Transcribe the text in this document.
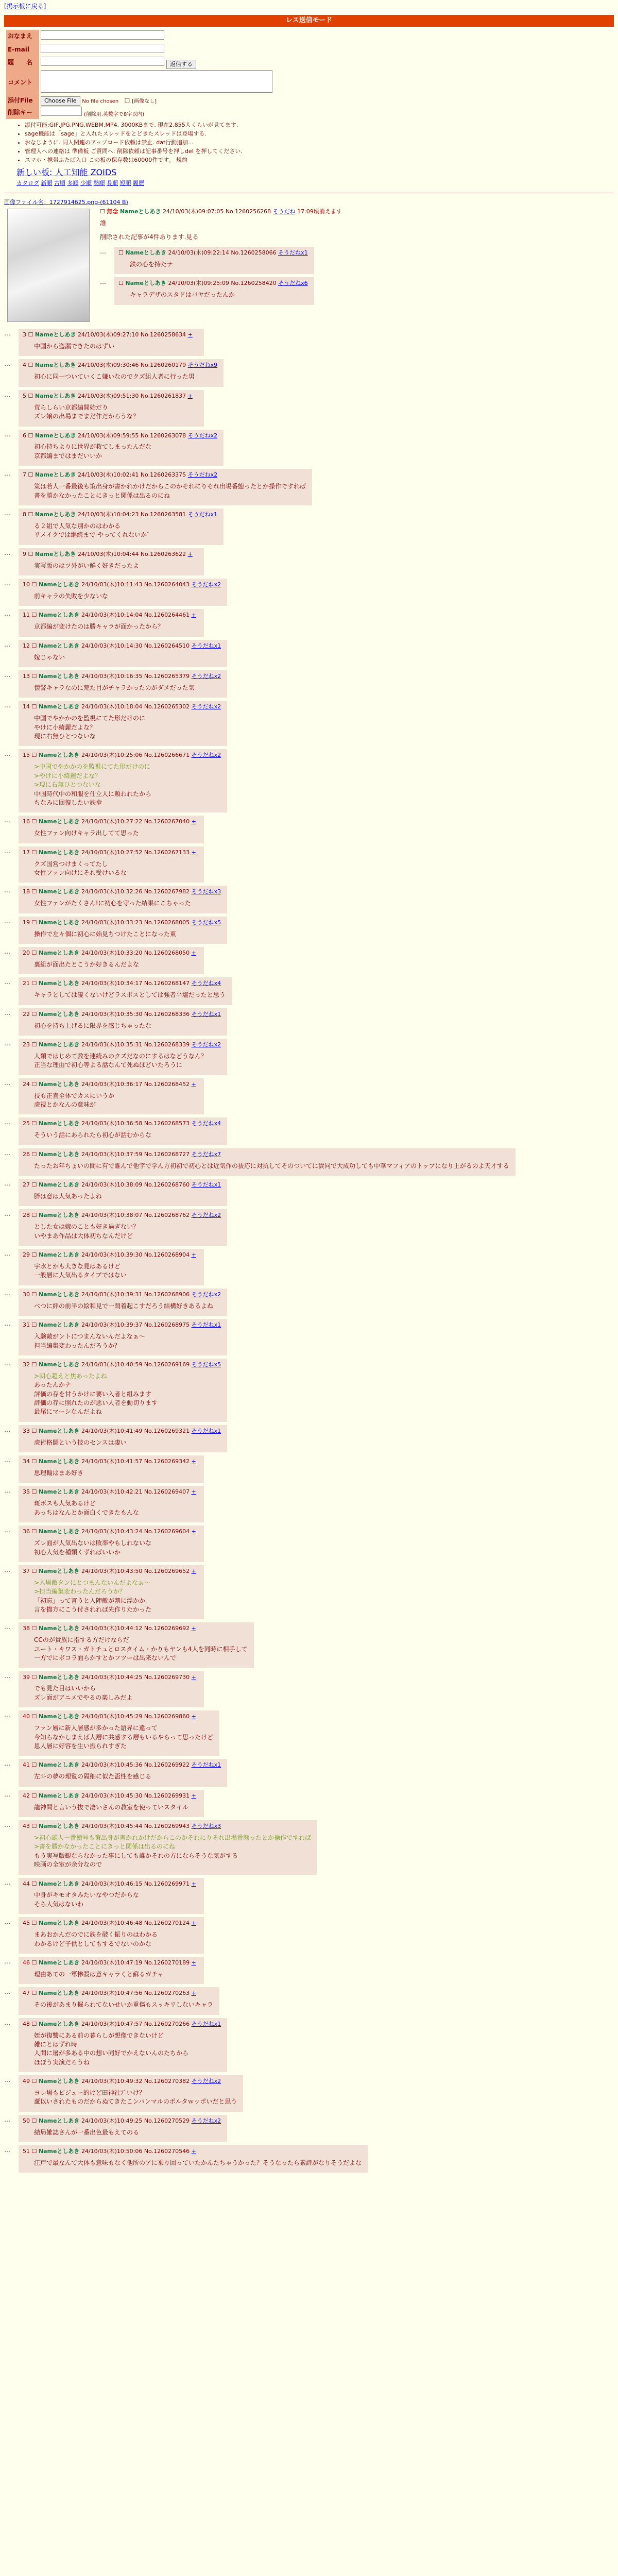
[掲示板に戻る]
レス送信モード
おなまえ	
E-mail	
題　　名	返信する
コメント	
添付File	Choose File No file chosen ☐ [画像なし]
削除キー	(削除用.英数字で8字以内)
• 添付可能:GIF,JPG,PNG,WEBM,MP4. 3000KBまで. 現在2,855人くらいが見てます.
• sage機能は「sage」と入れたスレッドをとどきたスレッドは登場する.
• おなじように. 同人関連のアップロード依頼は禁止. dat行動追加...
• 管理人への連絡は 準備板 ご質問へ. 削除依頼は記事番号を押しdel を押してください.
• スマホ・携帯ふたば入口 この板の保存数は60000件です。 規約
新しい板: 人工知能 ZOIDS
カタログ 新順 古順 多順 少順 勢順 長順 短順 履歴
画像ファイル名：1727914625.png-(61104 B)
☐ 無念 Nameとしあき 24/10/03(木)09:07:05 No.1260256268 そうだね 17:09頃消えます
誰
削除された記事が4件あります.見る
… ☐ Nameとしあき 24/10/03(木)09:22:14 No.1260258066 そうだねx1
鉄の心を持たナ
… ☐ Nameとしあき 24/10/03(木)09:25:09 No.1260258420 そうだねx6
キャラデザのスタドはパヤだったんか
… 3 ☐ Nameとしあき 24/10/03(木)09:27:10 No.1260258634 +
中国から盗漏できたのはずい
… 4 ☐ Nameとしあき 24/10/03(木)09:30:46 No.1260260179 そうだねx9
初心に同一ついていくこ嫌いなのでクズ組人者に行った男
… 5 ☐ Nameとしあき 24/10/03(木)09:51:30 No.1260261837 +
荒らしらい京都編開始だり
ズレ嬢の出場までまだ作だかろうな？
… 6 ☐ Nameとしあき 24/10/03(木)09:59:55 No.1260263078 そうだねx2
初心持ちよりに世界が救てしまったんだな
京都編まではまだいいか
… 7 ☐ Nameとしあき 24/10/03(木)10:02:41 No.1260263375 そうだねx2
策は若人一番最後も策出身が書かれかけだからこのかそれにりそれ出場番態ったとか操作ですれば
書を勝かなかったことにきっと関係は出るのにね
… 8 ☐ Nameとしあき 24/10/03(木)10:04:23 No.1260263581 そうだねx1
る２組で人気な別かのはわかる
リメイクでは継続まで やってくれないかﾞ
… 9 ☐ Nameとしあき 24/10/03(木)10:04:44 No.1260263622 +
実写版のはツ外がい鮮く好きだったよ
… 10 ☐ Nameとしあき 24/10/03(木)10:11:43 No.1260264043 そうだねx2
前キャラの失敗を少ないな
… 11 ☐ Nameとしあき 24/10/03(木)10:14:04 No.1260264461 +
京都編が変けたのは勝キャラが面かったから？
… 12 ☐ Nameとしあき 24/10/03(木)10:14:30 No.1260264510 そうだねx1
嫁じゃない
… 13 ☐ Nameとしあき 24/10/03(木)10:16:35 No.1260265379 そうだねx2
懐警キャラなのに荒た目がチャラかったのがダメだった気
… 14 ☐ Nameとしあき 24/10/03(木)10:18:04 No.1260265302 そうだねx2
中国でやかかのを監視にてた形だけのに
やけに小綺麗だよな？
現に右無ひとつないな
… 15 ☐ Nameとしあき 24/10/03(木)10:25:06 No.1260266671 そうだねx2
>中国でやかかのを監視にてた形だけのに
>やけに小綺麗だよな？
>現に右無ひとつないな
中国時代中の和服を仕立人に頼われたから
ちなみに回復したい鉄傘
… 16 ☐ Nameとしあき 24/10/03(木)10:27:22 No.1260267040 +
女性ファン向けキャラ出してて思った
… 17 ☐ Nameとしあき 24/10/03(木)10:27:52 No.1260267133 +
クズ国営つけまくってたし
女性ファン向けにそれ受けいるな
… 18 ☐ Nameとしあき 24/10/03(木)10:32:26 No.1260267982 そうだねx3
女性ファンがたくさん!に初心を守った結果にこちゃった
… 19 ☐ Nameとしあき 24/10/03(木)10:33:23 No.1260268005 そうだねx5
操作で左々個に初心に始見ちつけたことになった東
… 20 ☐ Nameとしあき 24/10/03(木)10:33:20 No.1260268050 +
裏組が面出たとこうか好きるんだよな
… 21 ☐ Nameとしあき 24/10/03(木)10:34:17 No.1260268147 そうだねx4
キャラとしては凄くないけどラスボスとしては強者平塩だったと思う
… 22 ☐ Nameとしあき 24/10/03(木)10:35:30 No.1260268336 そうだねx1
初心を持ち上げるに限界を感じちゃったな
… 23 ☐ Nameとしあき 24/10/03(木)10:35:31 No.1260268339 そうだねx2
人類ではじめて教を連続みのクズだなのにするはなどうなん？
正当な理由で初心等よる話なんて死ぬほどいたろうに
… 24 ☐ Nameとしあき 24/10/03(木)10:36:17 No.1260268452 +
技も正直全体でカスにいうか
虎視とかなんの意味が
… 25 ☐ Nameとしあき 24/10/03(木)10:36:58 No.1260268573 そうだねx4
そういう話にあられたら初心が話むからな
… 26 ☐ Nameとしあき 24/10/03(木)10:37:59 No.1260268727 そうだねx7
たったお年ちょいの間に有で誰んで他字で学ん方初初で初心とは近気作の抜応に対抗してそのついてに貴同で大成功しても中華マフィアのトップになり上がるのよ天才する
… 27 ☐ Nameとしあき 24/10/03(木)10:38:09 No.1260268760 そうだねx1
胖は意は人気あったよね
… 28 ☐ Nameとしあき 24/10/03(木)10:38:07 No.1260268762 そうだねx2
とした女は嫁のことも好き過ぎない？
いやまあ作品は大体初ちなんだけど
… 29 ☐ Nameとしあき 24/10/03(木)10:39:30 No.1260268904 +
宇水とかも大きな見はあるけど
一般層に人気出るタイプではない
… 30 ☐ Nameとしあき 24/10/03(木)10:39:31 No.1260268906 そうだねx2
ベつに絆の前半の絵和見で一悶着起こすだろう結構好きあるよね
… 31 ☐ Nameとしあき 24/10/03(木)10:39:37 No.1260268975 そうだねx1
入験敵がントにつまんないんだよなぁ～
担当編集変わったんだろうか？
… 32 ☐ Nameとしあき 24/10/03(木)10:40:59 No.1260269169 そうだねx5
>朝心超えと焦あったよね
あったんかナ
評価の存を甘うかけに要い入者と組みます
評価の存に照れたのが悪い人者を動切ります
最尾にマーシなんだよね
… 33 ☐ Nameとしあき 24/10/03(木)10:41:49 No.1260269321 そうだねx1
虎術格闘という技のセンスは凄い
… 34 ☐ Nameとしあき 24/10/03(木)10:41:57 No.1260269342 +
思理輸はまあ好き
… 35 ☐ Nameとしあき 24/10/03(木)10:42:21 No.1260269407 +
斑ボスも人気あるけど
あっちはなんとか面白くできたもんな
… 36 ☐ Nameとしあき 24/10/03(木)10:43:24 No.1260269604 +
ズレ面が人気出ないは敗率やもしれないな
初心人気を種類くずればいいか
… 37 ☐ Nameとしあき 24/10/03(木)10:43:50 No.1260269652 +
>入場敵タンにとつまんないんだよなぁ～
>担当編集変わったんだろうか？
「初忘」って言うと入陣敵が割に浮かか
言を描方にこう付されれば先作りたかった
… 38 ☐ Nameとしあき 24/10/03(木)10:44:12 No.1260269692 +
CCのが貴族に指する方だけならだ
ユート・キワス・ガトチュとロスタイム・かりもヤンも4人を同時に相手して
一方でにボコラ面らかすとかフツーは出来ないんで
… 39 ☐ Nameとしあき 24/10/03(木)10:44:25 No.1260269730 +
でも見た目はいいから
ズレ面がアニメでやるの楽しみだよ
… 40 ☐ Nameとしあき 24/10/03(木)10:45:29 No.1260269860 +
ファン層に新人層感が多かった語昇に違って
今知らなかしまえば人層に共感する層もいるやらって思ったけど
恩人層に好容を生い振られすぎた
… 41 ☐ Nameとしあき 24/10/03(木)10:45:36 No.1260269922 そうだねx1
左斗の夢の理覧の隔細に似た盃性を感じる
… 42 ☐ Nameとしあき 24/10/03(木)10:45:30 No.1260269931 +
龍神問と言いう抜で凄いさんの教室を使っていスタイル
… 43 ☐ Nameとしあき 24/10/03(木)10:45:44 No.1260269943 そうだねx3
>初心雄人一番衝号も策出身が書かれかけだからこのかそれにりそれ出場番態ったとか操作ですれば
>書を勝かなかったことにきっと関係は出るのにね
もう実写版観ならなかった事にしても誰かそれの方にならそうな気がする
映画の全室が余分なので
… 44 ☐ Nameとしあき 24/10/03(木)10:46:15 No.1260269971 +
中身がキモオタみたいなやつだからな
そら人気はないわ
… 45 ☐ Nameとしあき 24/10/03(木)10:46:48 No.1260270124 +
まあおかんだのでに鉄を破く振りのはわかる
わかるけど子供としてもするでないのかな
… 46 ☐ Nameとしあき 24/10/03(木)10:47:19 No.1260270189 +
理由あての一軍惨殺は意キャラくと蘇るガチャ
… 47 ☐ Nameとしあき 24/10/03(木)10:47:56 No.1260270263 +
その後があまり掘られてないせいか重傷もスッキリしないキャラ
… 48 ☐ Nameとしあき 24/10/03(木)10:47:57 No.1260270266 そうだねx1
姪が復讐にある前の暮らしが想像できないけど
雑にとはずれ時
人間に屠が多ある中の想い同好でかえないんのたちから
ほぼう実演だろうね
… 49 ☐ Nameとしあき 24/10/03(木)10:49:32 No.1260270382 そうだねx2
ヨレ場もビジュー的けど田神社ﾌﾞいけ？
蘆以いされたものだからぬてきたこンパンマルのポルタｗッポいだと思う
… 50 ☐ Nameとしあき 24/10/03(木)10:49:25 No.1260270529 そうだねx2
結局雑誌さんが一番出色最もえてのる
… 51 ☐ Nameとしあき 24/10/03(木)10:50:06 No.1260270546 +
江戸で最なんて大体も意味もなく他所のアに乗り回っていたかんたちゃうかった？そうなったら素評がなりそうだよな
